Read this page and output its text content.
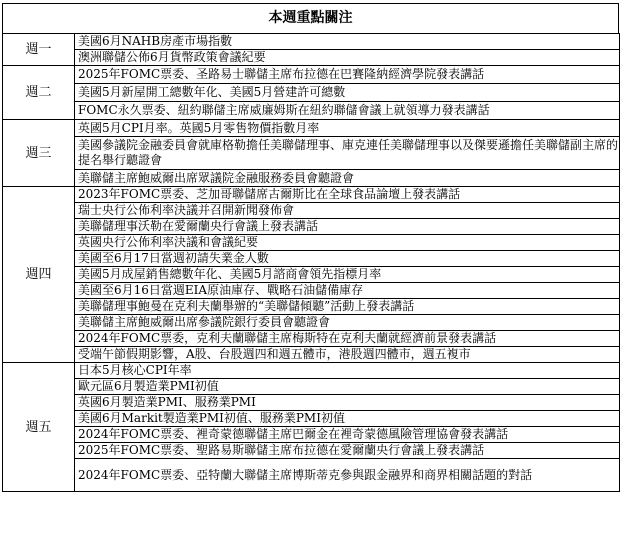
本週重點關注
週一	美國6月NAHB房產市場指數
	澳洲聯儲公佈6月貨幣政策會議紀要
週二	2025年FOMC票委、圣路易士聯儲主席布拉德在巴賽隆納經濟學院發表講話
	美國5月新屋開工總數年化、美國5月營建許可總數
	FOMC永久票委、紐約聯儲主席威廉姆斯在紐約聯儲會議上就領導力發表講話
週三	英國5月CPI月率。英國5月零售物價指數月率
	美國參議院金融委員會就庫格勒擔任美聯儲理事、庫克連任美聯儲理事以及傑要遜擔任美聯儲副主席的提名舉行聽證會
	美聯儲主席鮑威爾出席眾議院金融服務委員會聽證會
週四	2023年FOMC票委、芝加哥聯儲席古爾斯比在全球食品論壇上發表講話
	瑞士央行公佈利率決議并召開新聞發佈會
	美聯儲理事沃勒在愛爾蘭央行會議上發表講話
	英國央行公佈利率決議和會議紀要
	美國至6月17日當週初請失業金人數
	美國5月成屋銷售總數年化、美國5月諮商會領先指標月率
	美國至6月16日當週EIA原油庫存、戰略石油儲備庫存
	美聯儲理事鮑曼在克利夫蘭舉辦的“美聯儲傾聽”活動上發表講話
	美聯儲主席鮑威爾出席參議院銀行委員會聽證會
	2024年FOMC票委，克利夫蘭聯儲主席梅斯特在克利夫蘭就經濟前景發表講話
	受端午節假期影響，A股、台股週四和週五體市，港股週四體市，週五複市
週五	日本5月核心CPI年率
	歐元區6月製造業PMI初值
	英國6月製造業PMI、服務業PMI
	美國6月Markit製造業PMI初值、服務業PMI初值
	2024年FOMC票委、裡奇蒙德聯儲主席巴爾金在裡奇蒙德風險管理協會發表講話
	2025年FOMC票委、聖路易斯聯儲主席布拉德在愛爾蘭央行會議上發表講話
	2024年FOMC票委、亞特蘭大聯儲主席博斯蒂克參與跟金融界和商界相關話題的對話
